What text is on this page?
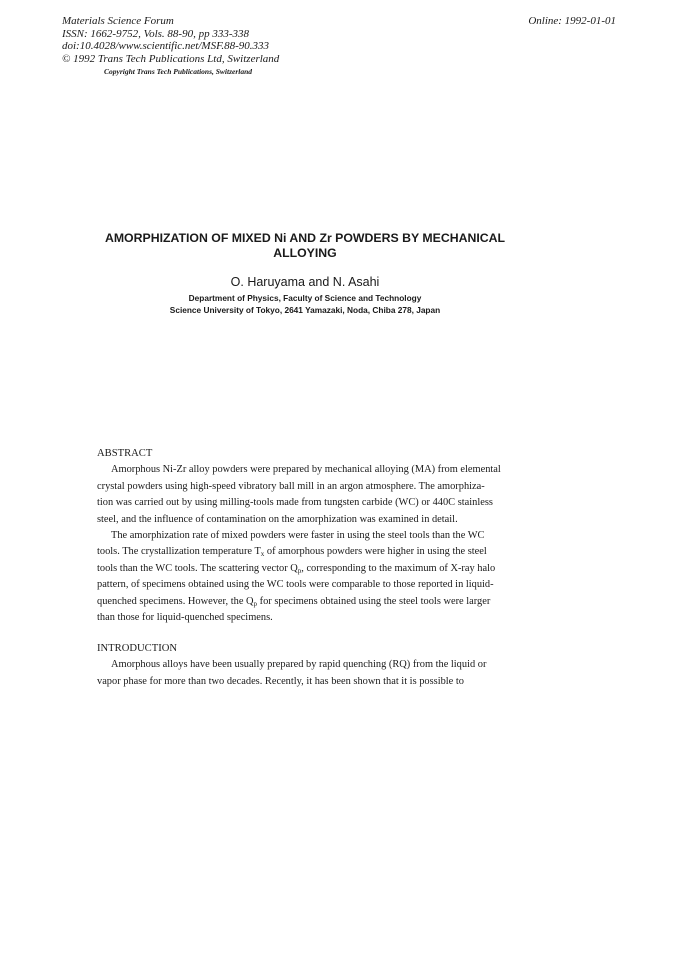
Materials Science Forum
ISSN: 1662-9752, Vols. 88-90, pp 333-338
doi:10.4028/www.scientific.net/MSF.88-90.333
© 1992 Trans Tech Publications Ltd, Switzerland
Online: 1992-01-01
Copyright Trans Tech Publications, Switzerland
AMORPHIZATION OF MIXED Ni AND Zr POWDERS BY MECHANICAL
ALLOYING
O. Haruyama and N. Asahi
Department of Physics, Faculty of Science and Technology
Science University of Tokyo, 2641 Yamazaki, Noda, Chiba 278, Japan
ABSTRACT
Amorphous Ni-Zr alloy powders were prepared by mechanical alloying (MA) from elemental
crystal powders using high-speed vibratory ball mill in an argon atmosphere. The amorphiza-
tion was carried out by using milling-tools made from tungsten carbide (WC) or 440C stainless
steel, and the influence of contamination on the amorphization was examined in detail.
The amorphization rate of mixed powders were faster in using the steel tools than the WC
tools. The crystallization temperature $T_x$ of amorphous powders were higher in using the steel
tools than the WC tools. The scattering vector $Q_p$, corresponding to the maximum of X-ray halo
pattern, of specimens obtained using the WC tools were comparable to those reported in liquid-
quenched specimens. However, the $Q_p$ for specimens obtained using the steel tools were larger
than those for liquid-quenched specimens.
INTRODUCTION
Amorphous alloys have been usually prepared by rapid quenching (RQ) from the liquid or
vapor phase for more than two decades. Recently, it has been shown that it is possible to
